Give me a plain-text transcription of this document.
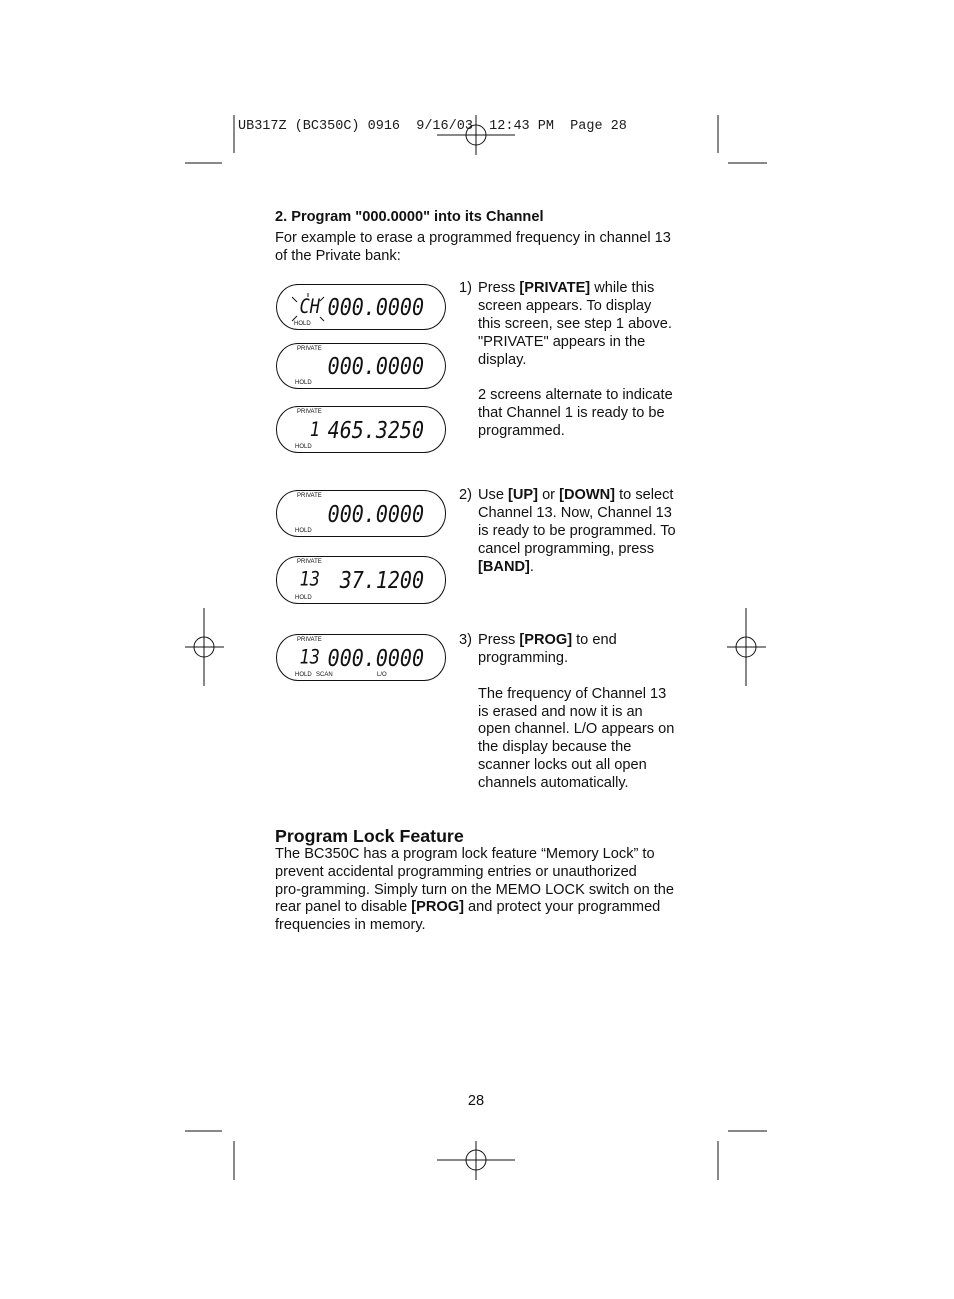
UB317Z (BC350C) 0916  9/16/03  12:43 PM  Page 28
2. Program "000.0000" into its Channel
For example to erase a programmed frequency in channel 13
of the Private bank:
1) Press [PRIVATE] while this
screen appears. To display
this screen, see step 1 above.
"PRIVATE" appears in the
display.
2 screens alternate to indicate
that Channel 1 is ready to be
programmed.
2) Use [UP] or [DOWN] to select
Channel 13. Now, Channel 13
is ready to be programmed. To
cancel programming, press
[BAND].
3) Press [PROG] to end
programming.
The frequency of Channel 13
is erased and now it is an
open channel. L/O appears on
the display because the
scanner locks out all open
channels automatically.
CH 000.0000
HOLD
PRIVATE
000.0000
HOLD
PRIVATE
1 465.3250
HOLD
PRIVATE
000.0000
HOLD
PRIVATE
13 37.1200
HOLD
PRIVATE
13 000.0000
HOLD SCAN	L/O
Program Lock Feature
The BC350C has a program lock feature “Memory Lock” to
prevent accidental programming entries or unauthorized
pro-gramming. Simply turn on the MEMO LOCK switch on the
rear panel to disable [PROG] and protect your programmed
frequencies in memory.
28
